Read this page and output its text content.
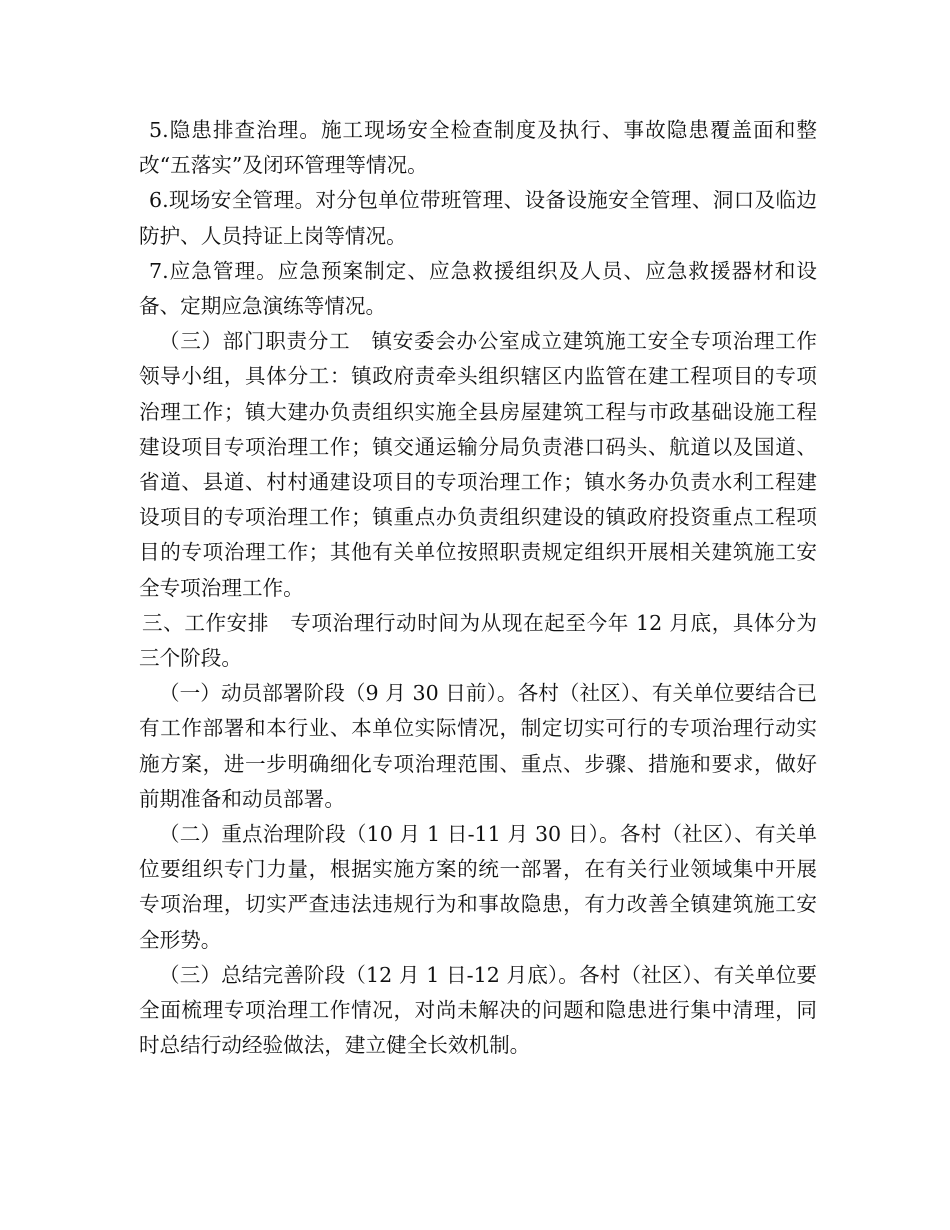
5.隐患排查治理。施工现场安全检查制度及执行、事故隐患覆盖面和整改“五落实”及闭环管理等情况。

6.现场安全管理。对分包单位带班管理、设备设施安全管理、洞口及临边防护、人员持证上岗等情况。

7.应急管理。应急预案制定、应急救援组织及人员、应急救援器材和设备、定期应急演练等情况。

（三）部门职责分工　镇安委会办公室成立建筑施工安全专项治理工作领导小组，具体分工：镇政府责牵头组织辖区内监管在建工程项目的专项治理工作；镇大建办负责组织实施全县房屋建筑工程与市政基础设施工程建设项目专项治理工作；镇交通运输分局负责港口码头、航道以及国道、省道、县道、村村通建设项目的专项治理工作；镇水务办负责水利工程建设项目的专项治理工作；镇重点办负责组织建设的镇政府投资重点工程项目的专项治理工作；其他有关单位按照职责规定组织开展相关建筑施工安全专项治理工作。

三、工作安排　专项治理行动时间为从现在起至今年 12 月底，具体分为三个阶段。

（一）动员部署阶段（9 月 30 日前）。各村（社区）、有关单位要结合已有工作部署和本行业、本单位实际情况，制定切实可行的专项治理行动实施方案，进一步明确细化专项治理范围、重点、步骤、措施和要求，做好前期准备和动员部署。

（二）重点治理阶段（10 月 1 日-11 月 30 日）。各村（社区）、有关单位要组织专门力量，根据实施方案的统一部署，在有关行业领域集中开展专项治理，切实严查违法违规行为和事故隐患，有力改善全镇建筑施工安全形势。

（三）总结完善阶段（12 月 1 日-12 月底）。各村（社区）、有关单位要全面梳理专项治理工作情况，对尚未解决的问题和隐患进行集中清理，同时总结行动经验做法，建立健全长效机制。
